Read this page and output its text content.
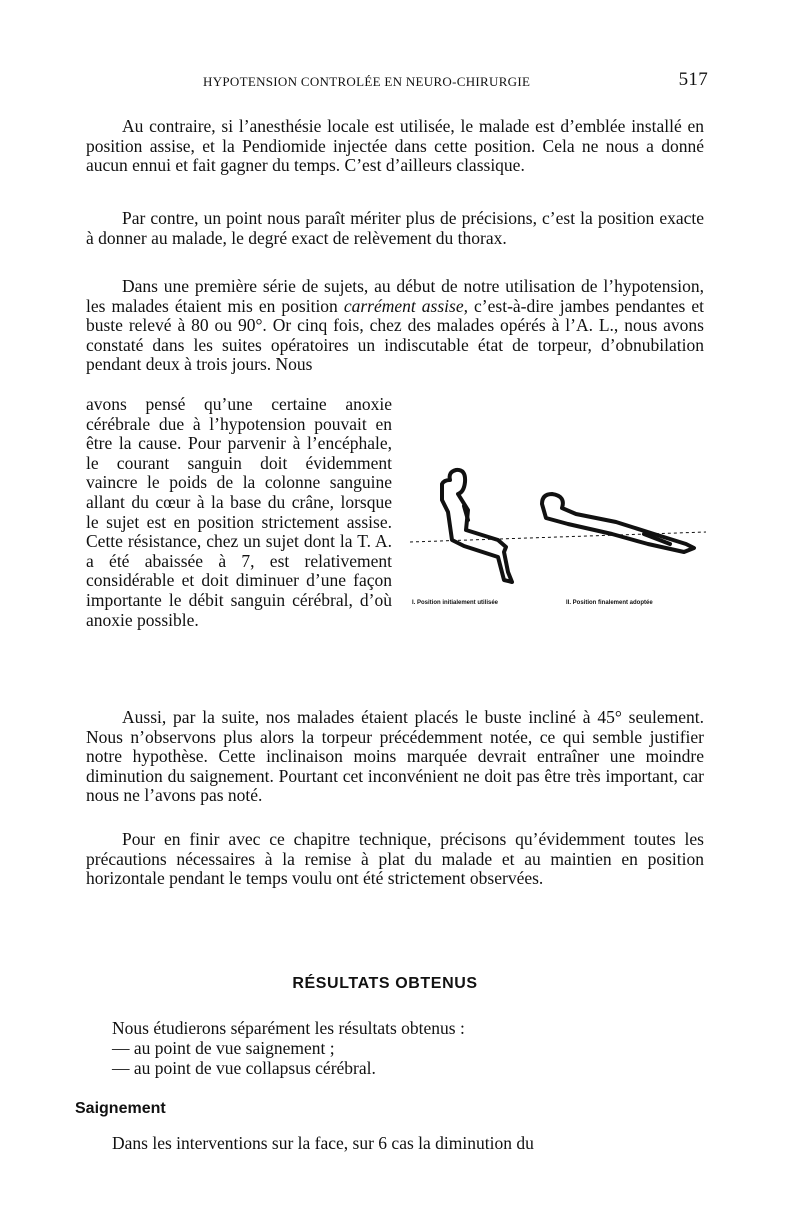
HYPOTENSION CONTROLÉE EN NEURO-CHIRURGIE	517

Au contraire, si l’anesthésie locale est utilisée, le malade est d’emblée installé en position assise, et la Pendiomide injectée dans cette position. Cela ne nous a donné aucun ennui et fait gagner du temps. C’est d’ailleurs classique.

Par contre, un point nous paraît mériter plus de précisions, c’est la position exacte à donner au malade, le degré exact de relèvement du thorax.

Dans une première série de sujets, au début de notre utilisation de l’hypotension, les malades étaient mis en position carrément assise, c’est-à-dire jambes pendantes et buste relevé à 80 ou 90°. Or cinq fois, chez des malades opérés à l’A. L., nous avons constaté dans les suites opératoires un indiscutable état de torpeur, d’obnubilation pendant deux à trois jours. Nous

avons pensé qu’une certaine anoxie cérébrale due à l’hypotension pouvait en être la cause. Pour parvenir à l’encéphale, le courant sanguin doit évidemment vaincre le poids de la colonne sanguine allant du cœur à la base du crâne, lorsque le sujet est en position strictement assise. Cette résistance, chez un sujet dont la T. A. a été abaissée à 7, est relativement considérable et doit diminuer d’une façon importante le débit sanguin cérébral, d’où anoxie possible.

I. Position initialement utilisée	II. Position finalement adoptée

Aussi, par la suite, nos malades étaient placés le buste incliné à 45° seulement. Nous n’observons plus alors la torpeur précédemment notée, ce qui semble justifier notre hypothèse. Cette inclinaison moins marquée devrait entraîner une moindre diminution du saignement. Pourtant cet inconvénient ne doit pas être très important, car nous ne l’avons pas noté.

Pour en finir avec ce chapitre technique, précisons qu’évidemment toutes les précautions nécessaires à la remise à plat du malade et au maintien en position horizontale pendant le temps voulu ont été strictement observées.

RÉSULTATS OBTENUS

Nous étudierons séparément les résultats obtenus :

— au point de vue saignement ;

— au point de vue collapsus cérébral.

Saignement

Dans les interventions sur la face, sur 6 cas la diminution du
